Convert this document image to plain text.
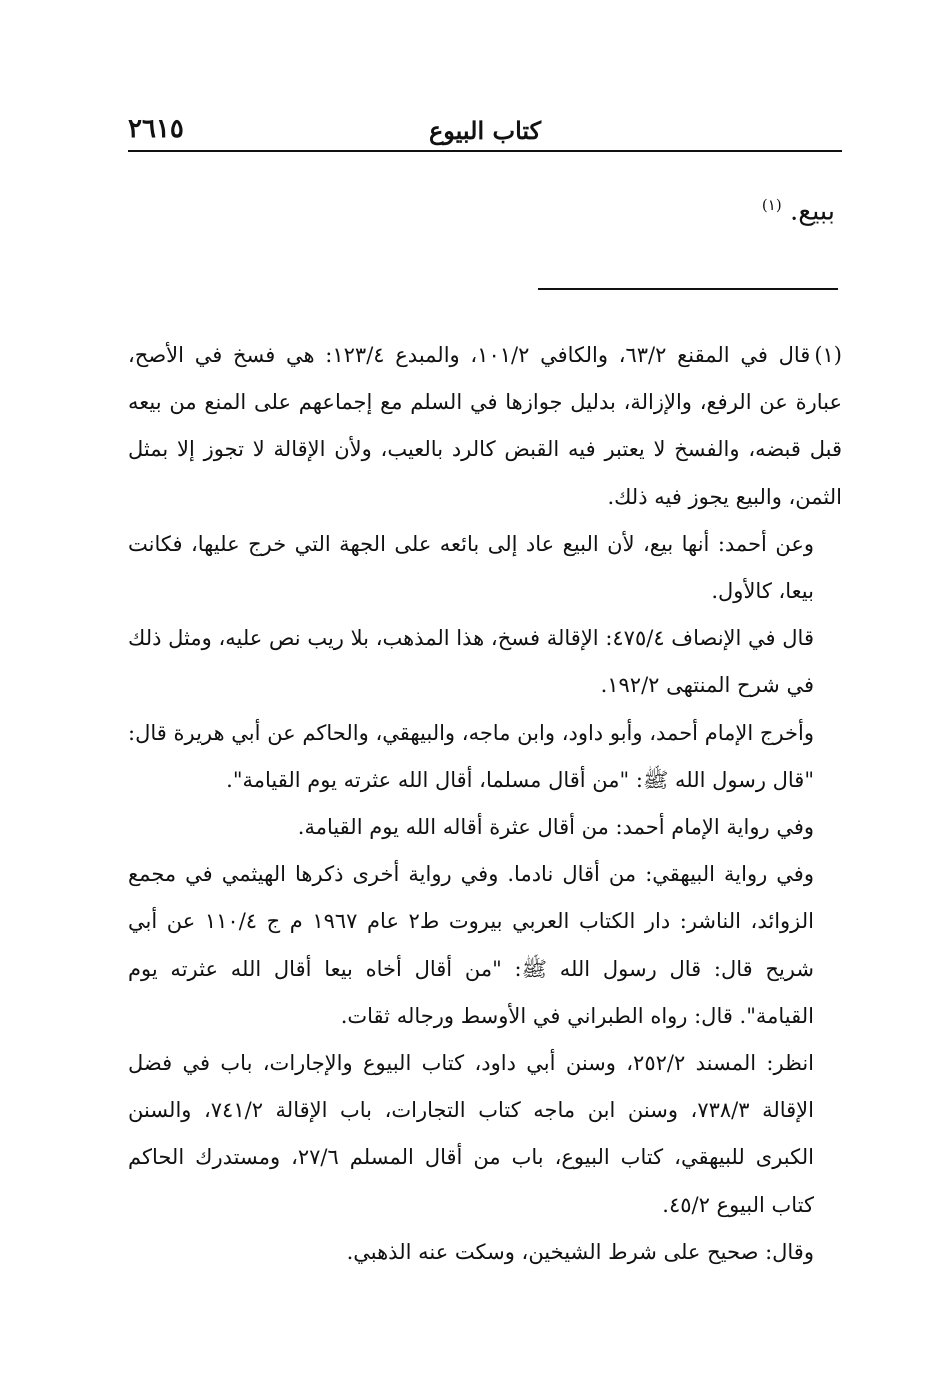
كتاب البيوع
٢٦١٥
ببيع. $^{(١)}$

(١)قال في المقنع ٦٣/٢، والكافي ١٠١/٢، والمبدع ١٢٣/٤: هي فسخ في الأصح، عبارة عن الرفع، والإزالة، بدليل جوازها في السلم مع إجماعهم على المنع من بيعه قبل قبضه، والفسخ لا يعتبر فيه القبض كالرد بالعيب، ولأن الإقالة لا تجوز إلا بمثل الثمن، والبيع يجوز فيه ذلك.

وعن أحمد: أنها بيع، لأن البيع عاد إلى بائعه على الجهة التي خرج عليها، فكانت بيعا، كالأول.

قال في الإنصاف ٤٧٥/٤: الإقالة فسخ، هذا المذهب، بلا ريب نص عليه، ومثل ذلك في شرح المنتهى ١٩٢/٢.

وأخرج الإمام أحمد، وأبو داود، وابن ماجه، والبيهقي، والحاكم عن أبي هريرة قال: "قال رسول الله ﷺ: "من أقال مسلما، أقال الله عثرته يوم القيامة".

وفي رواية الإمام أحمد: من أقال عثرة أقاله الله يوم القيامة.

وفي رواية البيهقي: من أقال نادما. وفي رواية أخرى ذكرها الهيثمي في مجمع الزوائد، الناشر: دار الكتاب العربي بيروت ط٢ عام ١٩٦٧ م ج ١١٠/٤ عن أبي شريح قال: قال رسول الله ﷺ: "من أقال أخاه بيعا أقال الله عثرته يوم القيامة". قال: رواه الطبراني في الأوسط ورجاله ثقات.

انظر: المسند ٢٥٢/٢، وسنن أبي داود، كتاب البيوع والإجارات، باب في فضل الإقالة ٧٣٨/٣، وسنن ابن ماجه كتاب التجارات، باب الإقالة ٧٤١/٢، والسنن الكبرى للبيهقي، كتاب البيوع، باب من أقال المسلم ٢٧/٦، ومستدرك الحاكم كتاب البيوع ٤٥/٢.

وقال: صحيح على شرط الشيخين، وسكت عنه الذهبي.
